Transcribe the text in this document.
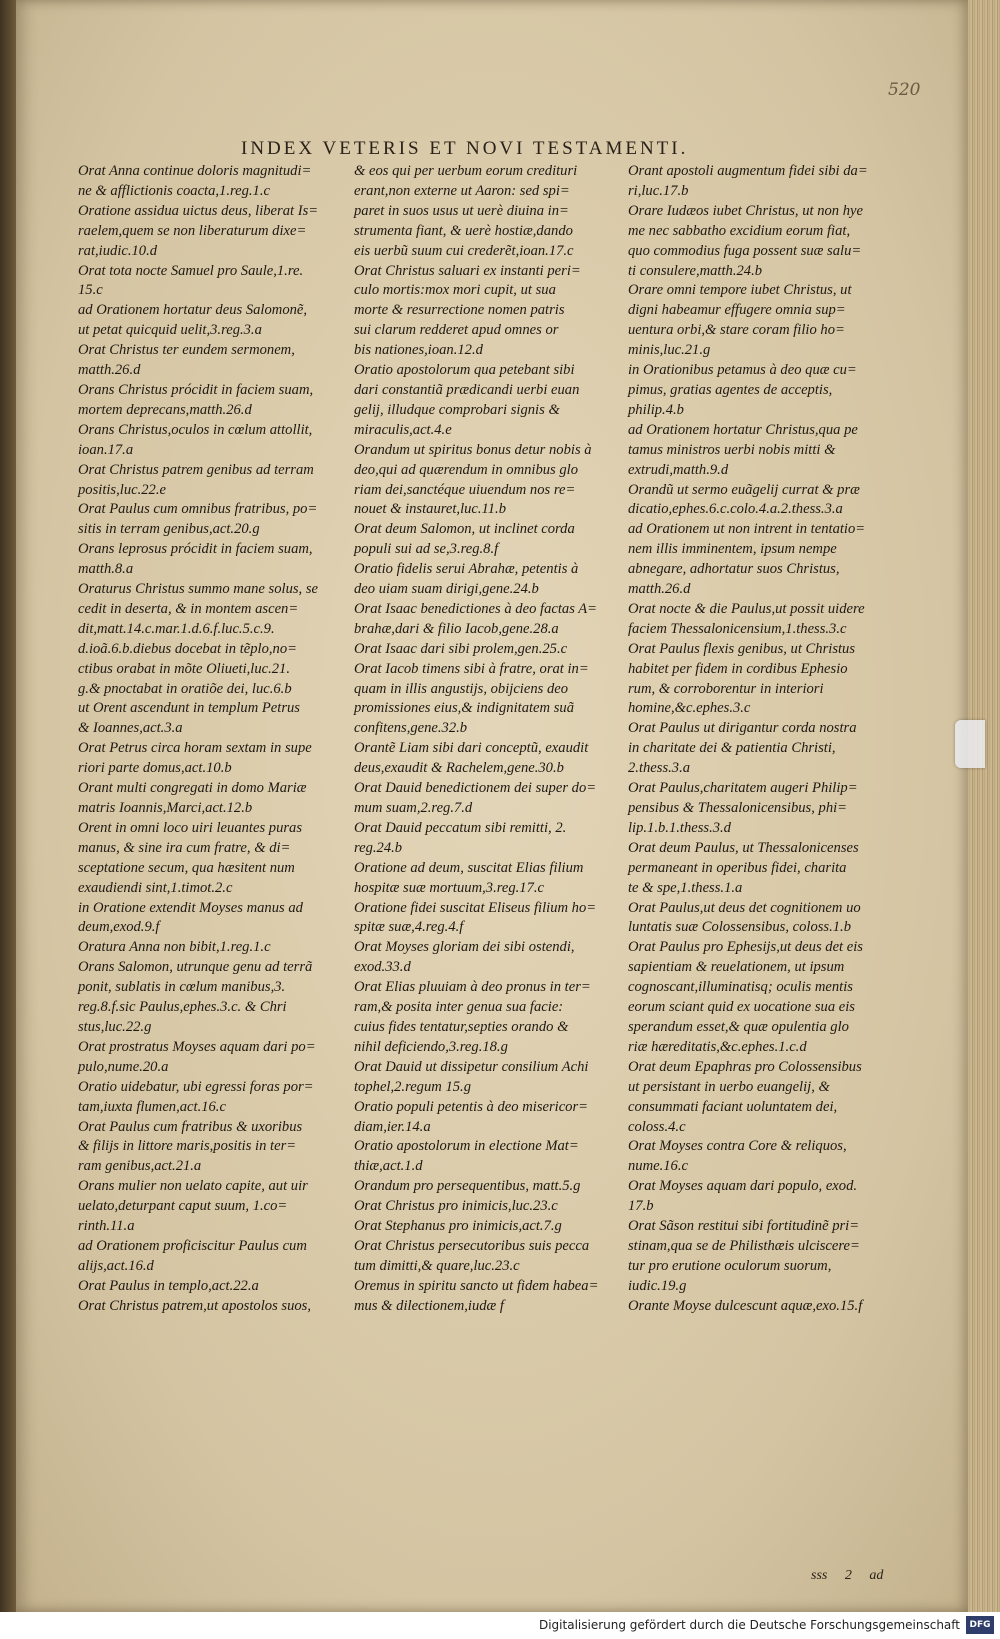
520
INDEX VETERIS ET NOVI TESTAMENTI.

Orat Anna continue doloris magnitudi=
ne & afflictionis coacta,1.reg.1.c

Oratione assidua uictus deus, liberat Is=
raelem,quem se non liberaturum dixe=
rat,iudic.10.d

Orat tota nocte Samuel pro Saule,1.re.
15.c

ad Orationem hortatur deus Salomonẽ,
ut petat quicquid uelit,3.reg.3.a

Orat Christus ter eundem sermonem,
matth.26.d

Orans Christus prócidit in faciem suam,
mortem deprecans,matth.26.d

Orans Christus,oculos in cœlum attollit,
ioan.17.a

Orat Christus patrem genibus ad terram
positis,luc.22.e

Orat Paulus cum omnibus fratribus, po=
sitis in terram genibus,act.20.g

Orans leprosus prócidit in faciem suam,
matth.8.a

Oraturus Christus summo mane solus, se
cedit in deserta, & in montem ascen=
dit,matt.14.c.mar.1.d.6.f.luc.5.c.9.
d.ioã.6.b.diebus docebat in tẽplo,no=
ctibus orabat in mõte Oliueti,luc.21.
g.& pnoctabat in oratiõe dei, luc.6.b

ut Orent ascendunt in templum Petrus
& Ioannes,act.3.a

Orat Petrus circa horam sextam in supe
riori parte domus,act.10.b

Orant multi congregati in domo Mariæ
matris Ioannis,Marci,act.12.b

Orent in omni loco uiri leuantes puras
manus, & sine ira cum fratre, & di=
sceptatione secum, qua hæsitent num
exaudiendi sint,1.timot.2.c

in Oratione extendit Moyses manus ad
deum,exod.9.f

Oratura Anna non bibit,1.reg.1.c

Orans Salomon, utrunque genu ad terrã
ponit, sublatis in cœlum manibus,3.
reg.8.f.sic Paulus,ephes.3.c. & Chri
stus,luc.22.g

Orat prostratus Moyses aquam dari po=
pulo,nume.20.a

Oratio uidebatur, ubi egressi foras por=
tam,iuxta flumen,act.16.c

Orat Paulus cum fratribus & uxoribus
& filijs in littore maris,positis in ter=
ram genibus,act.21.a

Orans mulier non uelato capite, aut uir
uelato,deturpant caput suum, 1.co=
rinth.11.a

ad Orationem proficiscitur Paulus cum
alijs,act.16.d

Orat Paulus in templo,act.22.a

Orat Christus patrem,ut apostolos suos,

& eos qui per uerbum eorum credituri
erant,non externe ut Aaron: sed spi=
paret in suos usus ut uerè diuina in=
strumenta fiant, & uerè hostiæ,dando
eis uerbũ suum cui crederẽt,ioan.17.c

Orat Christus saluari ex instanti peri=
culo mortis:mox mori cupit, ut sua
morte & resurrectione nomen patris
sui clarum redderet apud omnes or
bis nationes,ioan.12.d

Oratio apostolorum qua petebant sibi
dari constantiã prædicandi uerbi euan
gelij, illudque comprobari signis &
miraculis,act.4.e

Orandum ut spiritus bonus detur nobis à
deo,qui ad quærendum in omnibus glo
riam dei,sanctéque uiuendum nos re=
nouet & instauret,luc.11.b

Orat deum Salomon, ut inclinet corda
populi sui ad se,3.reg.8.f

Oratio fidelis serui Abrahæ, petentis à
deo uiam suam dirigi,gene.24.b

Orat Isaac benedictiones à deo factas A=
brahæ,dari & filio Iacob,gene.28.a

Orat Isaac dari sibi prolem,gen.25.c

Orat Iacob timens sibi à fratre, orat in=
quam in illis angustijs, obijciens deo
promissiones eius,& indignitatem suã
confitens,gene.32.b

Orantẽ Liam sibi dari conceptũ, exaudit
deus,exaudit & Rachelem,gene.30.b

Orat Dauid benedictionem dei super do=
mum suam,2.reg.7.d

Orat Dauid peccatum sibi remitti, 2.
reg.24.b

Oratione ad deum, suscitat Elias filium
hospitæ suæ mortuum,3.reg.17.c

Oratione fidei suscitat Eliseus filium ho=
spitæ suæ,4.reg.4.f

Orat Moyses gloriam dei sibi ostendi,
exod.33.d

Orat Elias pluuiam à deo pronus in ter=
ram,& posita inter genua sua facie:
cuius fides tentatur,septies orando &
nihil deficiendo,3.reg.18.g

Orat Dauid ut dissipetur consilium Achi
tophel,2.regum 15.g

Oratio populi petentis à deo misericor=
diam,ier.14.a

Oratio apostolorum in electione Mat=
thiæ,act.1.d

Orandum pro persequentibus, matt.5.g

Orat Christus pro inimicis,luc.23.c

Orat Stephanus pro inimicis,act.7.g

Orat Christus persecutoribus suis pecca
tum dimitti,& quare,luc.23.c

Oremus in spiritu sancto ut fidem habea=
mus & dilectionem,iudæ f

Orant apostoli augmentum fidei sibi da=
ri,luc.17.b

Orare Iudæos iubet Christus, ut non hye
me nec sabbatho excidium eorum fiat,
quo commodius fuga possent suæ salu=
ti consulere,matth.24.b

Orare omni tempore iubet Christus, ut
digni habeamur effugere omnia sup=
uentura orbi,& stare coram filio ho=
minis,luc.21.g

in Orationibus petamus à deo quæ cu=
pimus, gratias agentes de acceptis,
philip.4.b

ad Orationem hortatur Christus,qua pe
tamus ministros uerbi nobis mitti &
extrudi,matth.9.d

Orandũ ut sermo euãgelij currat & præ
dicatio,ephes.6.c.colo.4.a.2.thess.3.a

ad Orationem ut non intrent in tentatio=
nem illis imminentem, ipsum nempe
abnegare, adhortatur suos Christus,
matth.26.d

Orat nocte & die Paulus,ut possit uidere
faciem Thessalonicensium,1.thess.3.c

Orat Paulus flexis genibus, ut Christus
habitet per fidem in cordibus Ephesio
rum, & corroborentur in interiori
homine,&c.ephes.3.c

Orat Paulus ut dirigantur corda nostra
in charitate dei & patientia Christi,
2.thess.3.a

Orat Paulus,charitatem augeri Philip=
pensibus & Thessalonicensibus, phi=
lip.1.b.1.thess.3.d

Orat deum Paulus, ut Thessalonicenses
permaneant in operibus fidei, charita
te & spe,1.thess.1.a

Orat Paulus,ut deus det cognitionem uo
luntatis suæ Colossensibus, coloss.1.b

Orat Paulus pro Ephesijs,ut deus det eis
sapientiam & reuelationem, ut ipsum
cognoscant,illuminatisq; oculis mentis
eorum sciant quid ex uocatione sua eis
sperandum esset,& quæ opulentia glo
riæ hæreditatis,&c.ephes.1.c.d

Orat deum Epaphras pro Colossensibus
ut persistant in uerbo euangelij, &
consummati faciant uoluntatem dei,
coloss.4.c

Orat Moyses contra Core & reliquos,
nume.16.c

Orat Moyses aquam dari populo, exod.
17.b

Orat Sãson restitui sibi fortitudinẽ pri=
stinam,qua se de Philisthæis ulciscere=
tur pro erutione oculorum suorum,
iudic.19.g

Orante Moyse dulcescunt aquæ,exo.15.f

sss 2 ad
Digitalisierung gefördert durch die Deutsche Forschungsgemeinschaft	DFG
